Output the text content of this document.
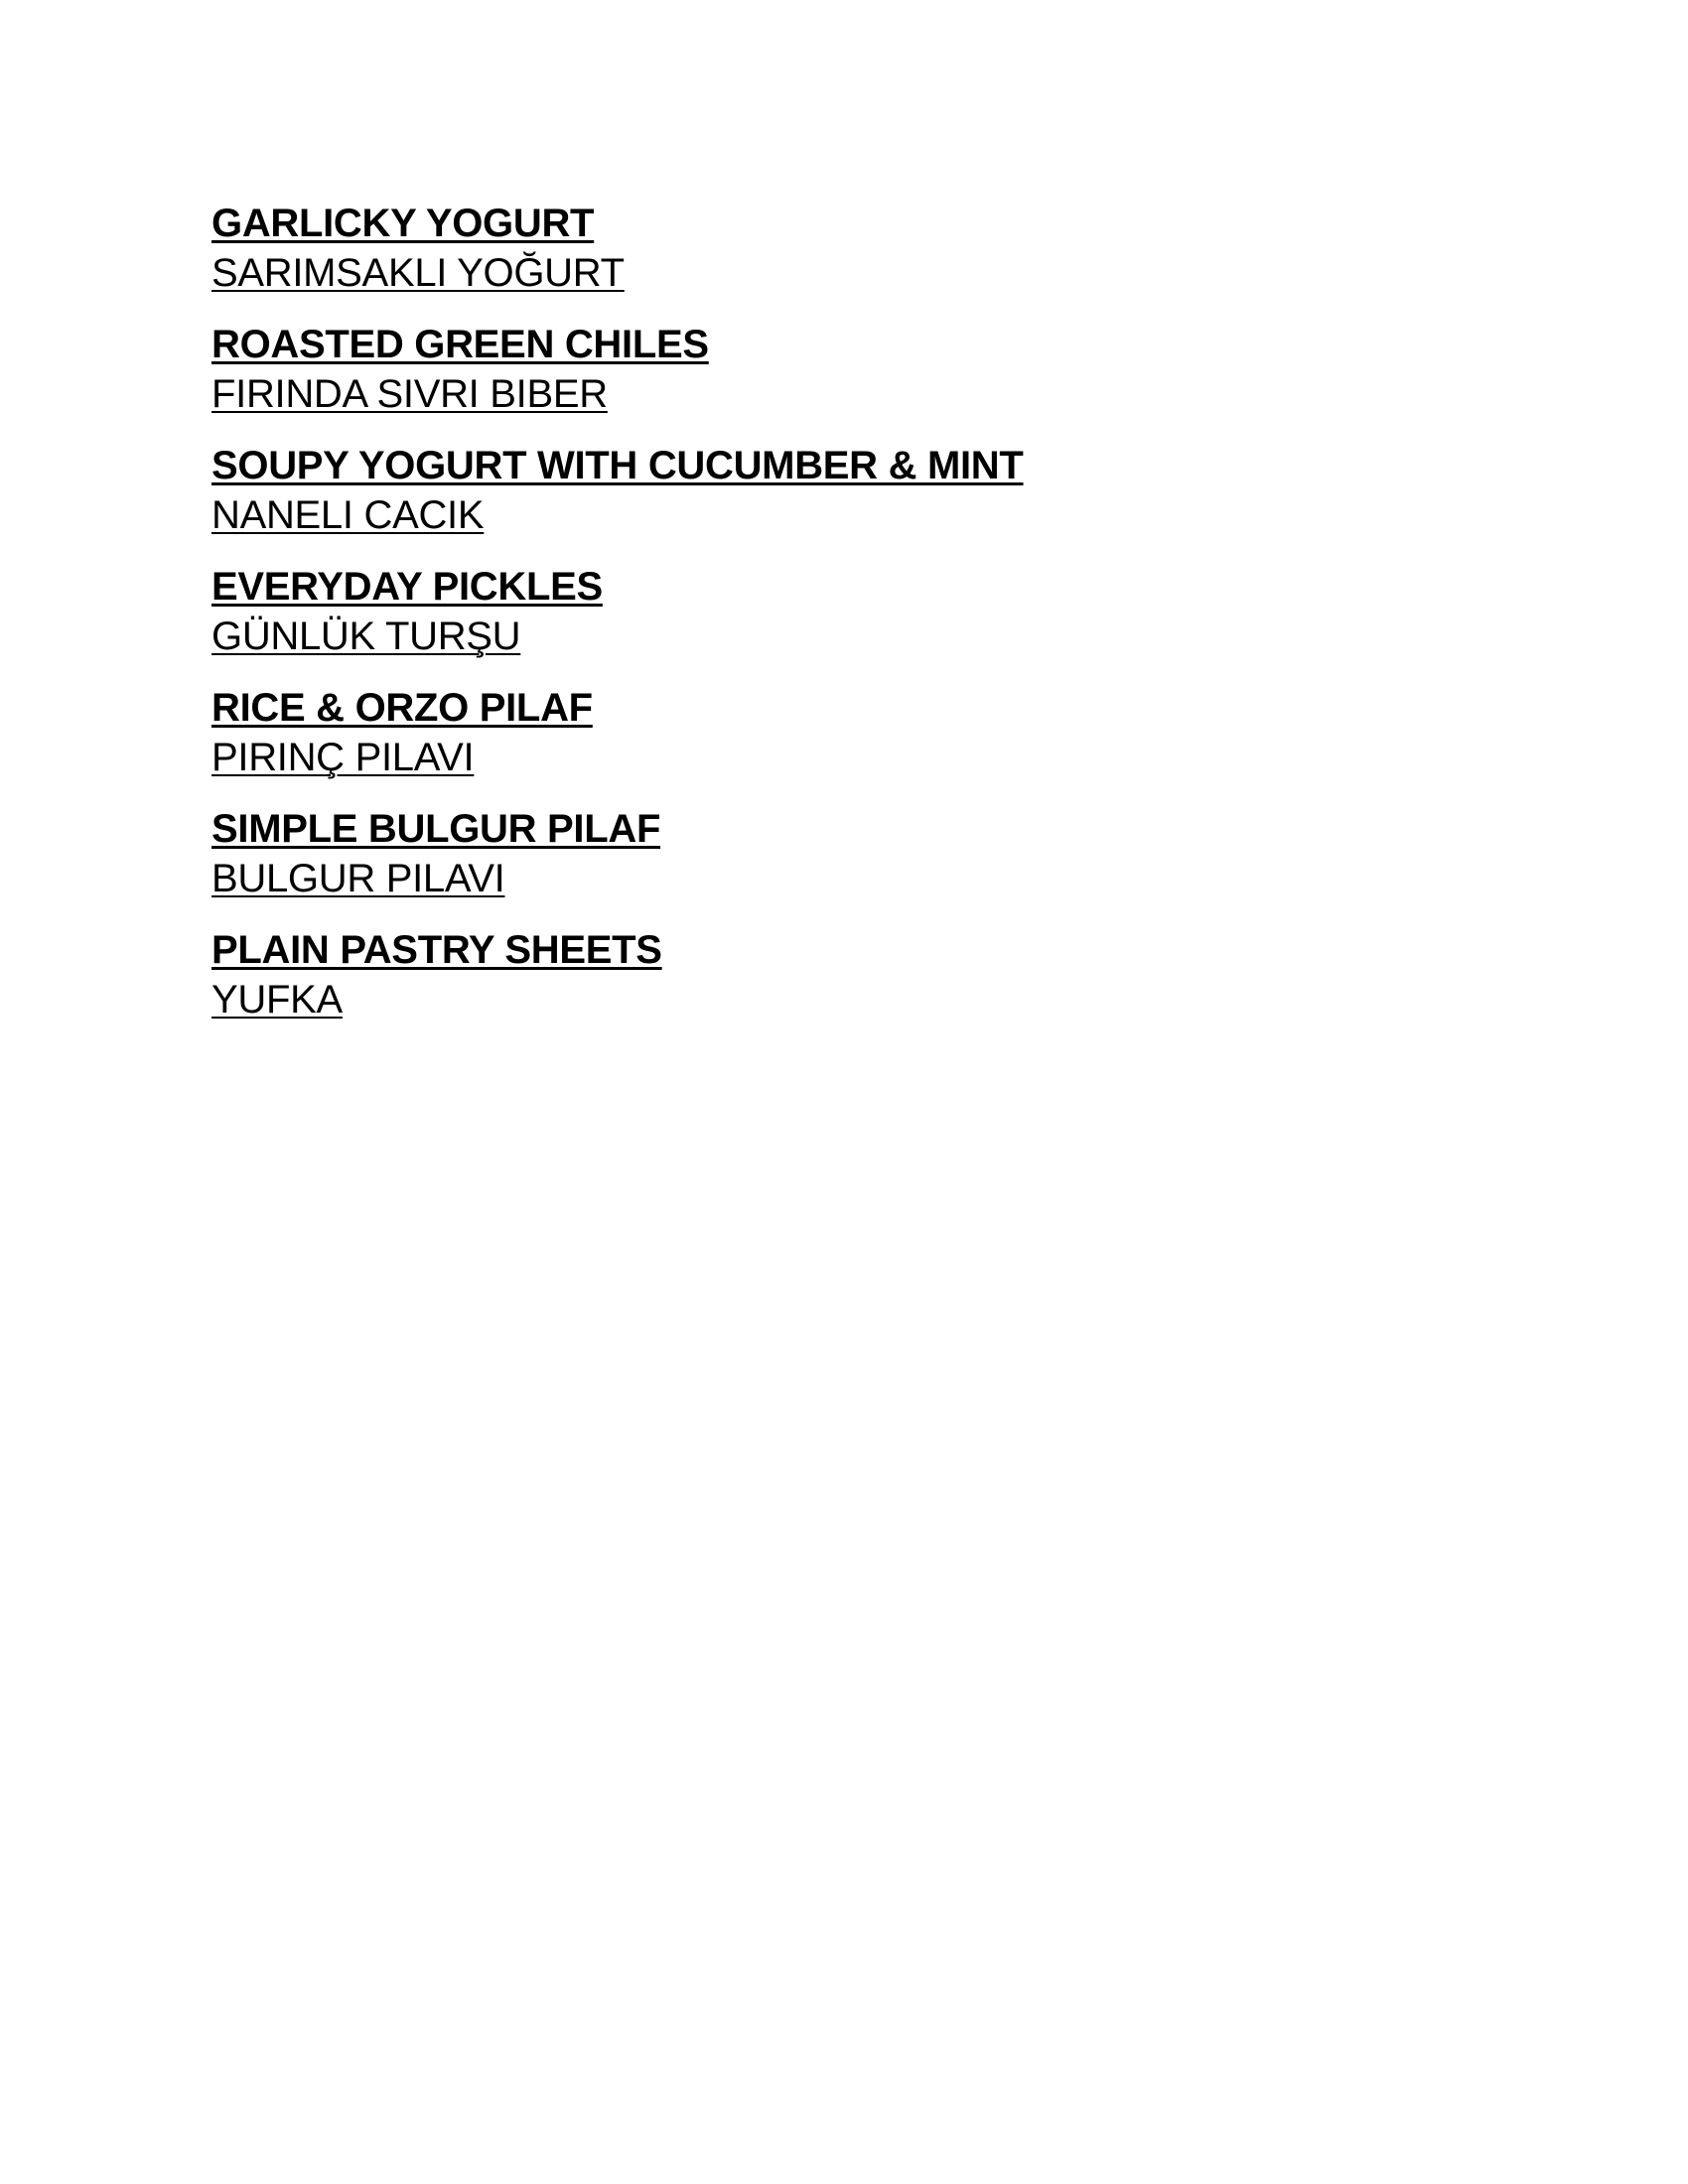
GARLICKY YOGURT
SARIMSAKLI YOĞURT
ROASTED GREEN CHILES
FIRINDA SIVRI BIBER
SOUPY YOGURT WITH CUCUMBER & MINT
NANELI CACIK
EVERYDAY PICKLES
GÜNLÜK TURŞU
RICE & ORZO PILAF
PIRINÇ PILAVI
SIMPLE BULGUR PILAF
BULGUR PILAVI
PLAIN PASTRY SHEETS
YUFKA
